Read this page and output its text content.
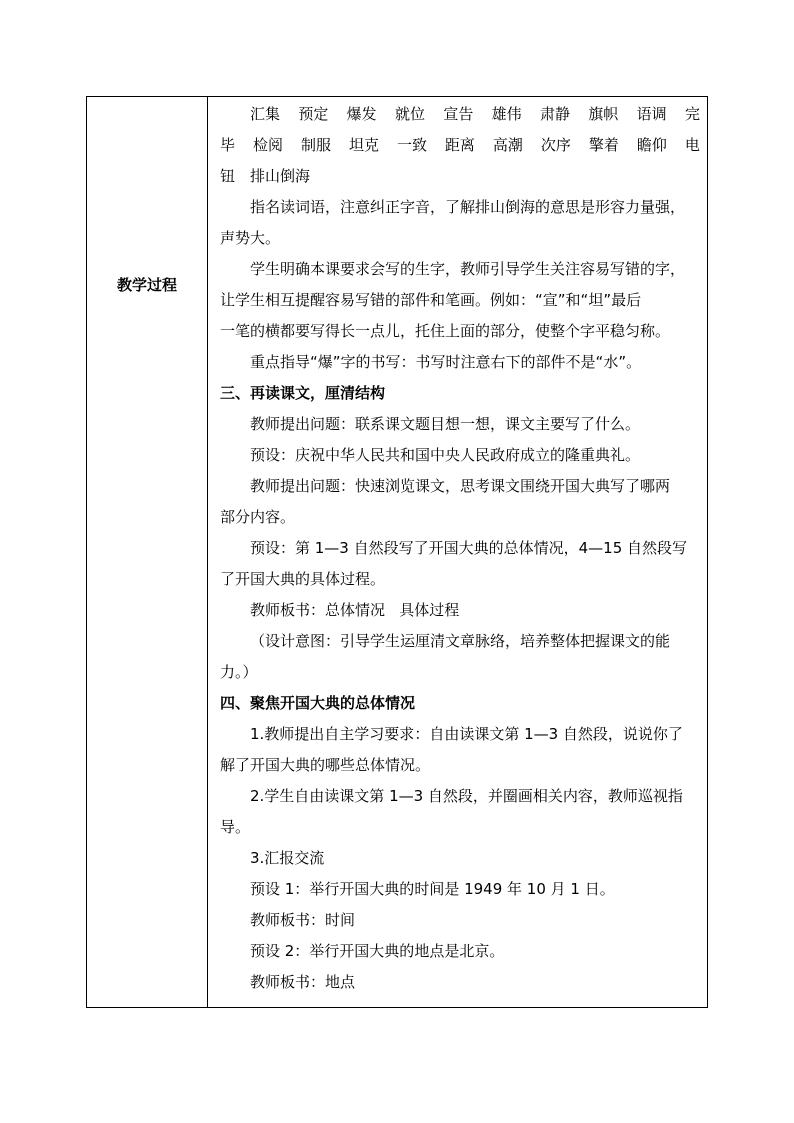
教学过程
汇集 预定 爆发 就位 宣告 雄伟 肃静 旗帜 语调 完
毕 检阅 制服 坦克 一致 距离 高潮 次序 擎着 瞻仰 电
钮 排山倒海
指名读词语，注意纠正字音，了解排山倒海的意思是形容力量强，
声势大。
学生明确本课要求会写的生字，教师引导学生关注容易写错的字，
让学生相互提醒容易写错的部件和笔画。例如：“宣”和“坦”最后
一笔的横都要写得长一点儿，托住上面的部分，使整个字平稳匀称。
重点指导“爆”字的书写：书写时注意右下的部件不是“水”。
三、再读课文，厘清结构
教师提出问题：联系课文题目想一想，课文主要写了什么。
预设：庆祝中华人民共和国中央人民政府成立的隆重典礼。
教师提出问题：快速浏览课文，思考课文围绕开国大典写了哪两
部分内容。
预设：第 1—3 自然段写了开国大典的总体情况，4—15 自然段写
了开国大典的具体过程。
教师板书：总体情况   具体过程
（设计意图：引导学生运厘清文章脉络，培养整体把握课文的能
力。）
四、聚焦开国大典的总体情况
1.教师提出自主学习要求：自由读课文第 1—3 自然段，说说你了
解了开国大典的哪些总体情况。
2.学生自由读课文第 1—3 自然段，并圈画相关内容，教师巡视指
导。
3.汇报交流
预设 1：举行开国大典的时间是 1949 年 10 月 1 日。
教师板书：时间
预设 2：举行开国大典的地点是北京。
教师板书：地点
